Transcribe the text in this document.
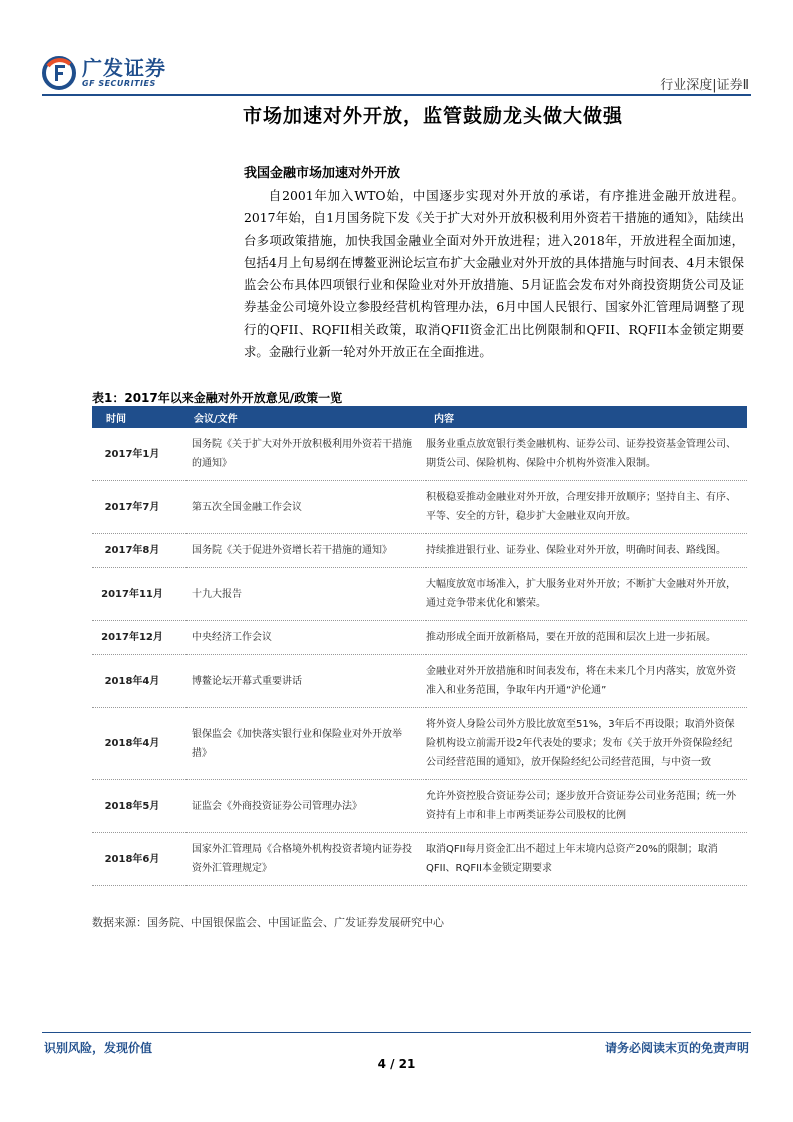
广发证券
GF SECURITIES	行业深度|证券Ⅱ
市场加速对外开放，监管鼓励龙头做大做强
我国金融市场加速对外开放
自2001年加入WTO始，中国逐步实现对外开放的承诺，有序推进金融开放进程。2017年始，自1月国务院下发《关于扩大对外开放积极利用外资若干措施的通知》，陆续出台多项政策措施，加快我国金融业全面对外开放进程；进入2018年，开放进程全面加速，包括4月上旬易纲在博鳌亚洲论坛宣布扩大金融业对外开放的具体措施与时间表、4月末银保监会公布具体四项银行业和保险业对外开放措施、5月证监会发布对外商投资期货公司及证券基金公司境外设立参股经营机构管理办法，6月中国人民银行、国家外汇管理局调整了现行的QFII、RQFII相关政策，取消QFII资金汇出比例限制和QFII、RQFII本金锁定期要求。金融行业新一轮对外开放正在全面推进。
表1：2017年以来金融对外开放意见/政策一览
时间	会议/文件	内容
2017年1月	国务院《关于扩大对外开放积极利用外资若干措施的通知》	服务业重点放宽银行类金融机构、证券公司、证券投资基金管理公司、期货公司、保险机构、保险中介机构外资准入限制。
2017年7月	第五次全国金融工作会议	积极稳妥推动金融业对外开放，合理安排开放顺序；坚持自主、有序、平等、安全的方针，稳步扩大金融业双向开放。
2017年8月	国务院《关于促进外资增长若干措施的通知》	持续推进银行业、证券业、保险业对外开放，明确时间表、路线图。
2017年11月	十九大报告	大幅度放宽市场准入，扩大服务业对外开放；不断扩大金融对外开放，通过竞争带来优化和繁荣。
2017年12月	中央经济工作会议	推动形成全面开放新格局，要在开放的范围和层次上进一步拓展。
2018年4月	博鳌论坛开幕式重要讲话	金融业对外开放措施和时间表发布，将在未来几个月内落实，放宽外资准入和业务范围，争取年内开通“沪伦通”
2018年4月	银保监会《加快落实银行业和保险业对外开放举措》	将外资人身险公司外方股比放宽至51%，3年后不再设限；取消外资保险机构设立前需开设2年代表处的要求；发布《关于放开外资保险经纪公司经营范围的通知》，放开保险经纪公司经营范围，与中资一致
2018年5月	证监会《外商投资证券公司管理办法》	允许外资控股合资证券公司；逐步放开合资证券公司业务范围；统一外资持有上市和非上市两类证券公司股权的比例
2018年6月	国家外汇管理局《合格境外机构投资者境内证券投资外汇管理规定》	取消QFII每月资金汇出不超过上年末境内总资产20%的限制；取消QFII、RQFII本金锁定期要求
数据来源：国务院、中国银保监会、中国证监会、广发证券发展研究中心
识别风险，发现价值	请务必阅读末页的免责声明
4 / 21
